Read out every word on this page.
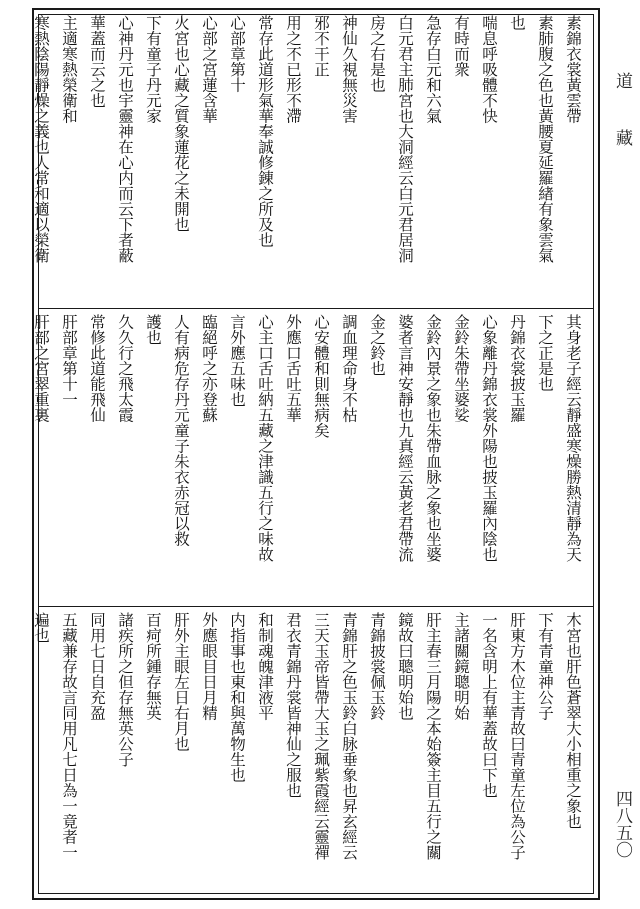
素錦衣裳黃雲帶
素肺腹之色也黃腰夏延羅緖有象雲氣
也
喘息呼吸體不快
有時而衆
急存白元和六氣
白元君主肺宮也大洞經云白元君居洞
房之右是也
神仙久視無災害
邪不干正
用之不已形不滯
常存此道形氣華奉誠修錬之所及也
心部章第十
心部之宮蓮含華
火宮也心藏之質象蓮花之未開也
下有童子丹元家
心神丹元也宇靈神在心内而云下者蔽
華蓋而云之也
主適寒熱榮衛和
寒熱陰陽靜燥之義也人常和適以榮衛
其身老子經云靜盛寒燥勝熱清靜為天
下之正是也
丹錦衣裳披玉羅
心象離丹錦衣裳外陽也披玉羅內陰也
金鈴朱帶坐婆娑
金鈴內景之象也朱帶血脉之象也坐婆
婆者言神安靜也九真經云黃老君帶流
金之鈴也
調血理命身不枯
心安體和則無病矣
外應口舌吐五華
心主口舌吐納五藏之津識五行之味故
言外應五味也
臨絕呼之亦登蘇
人有病危存丹元童子朱衣赤冠以救
護也
久久行之飛太霞
常修此道能飛仙
肝部章第十一
肝部之宮翠重裏
木宮也肝色蒼翠大小相重之象也
下有青童神公子
肝東方木位主青故曰青童左位為公子
一名含明上有華蓋故曰下也
主諸關鏡聰明始
肝主春三月陽之本始簽主目五行之關
鏡故曰聰明始也
青錦披裳佩玉鈴
青錦肝之色玉鈴白脉垂象也昇玄經云
三天玉帝皆帶大玉之珮紫霞經云靈禪
君衣青錦丹裳皆神仙之服也
和制魂魄津液平
内指事也東和與萬物生也
外應眼目日月精
肝外主眼左日右月也
百疴所鍾存無英
諸疾所之但存無英公子
同用七日自充盈
五藏兼存故言同用凡七日為一竟者一
遍也
道藏
四八五〇
